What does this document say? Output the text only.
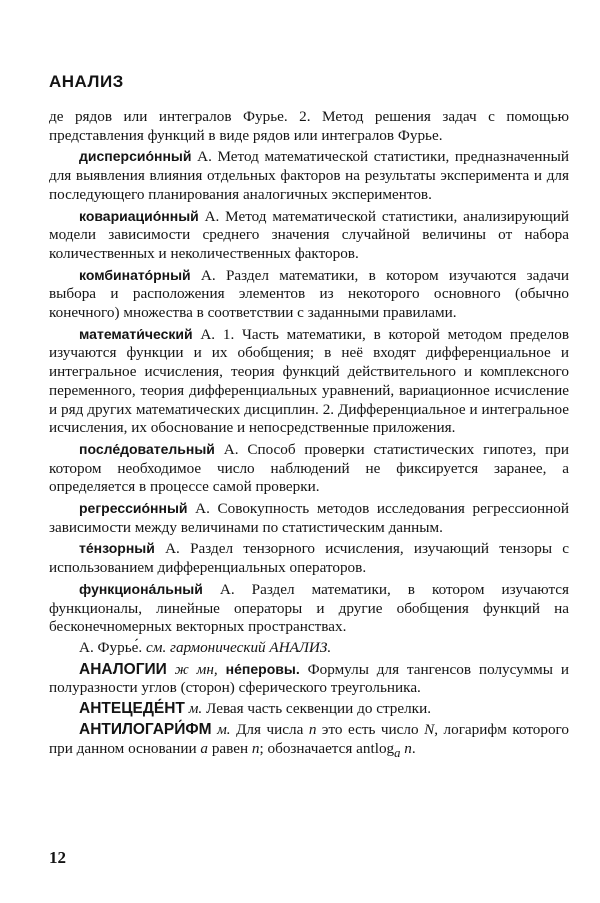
АНАЛИЗ

де рядов или интегралов Фурье. 2. Метод решения задач с помощью представления функций в виде рядов или интегралов Фурье.

дисперсио́нный А. Метод математической статистики, предназначенный для выявления влияния отдельных факторов на результаты эксперимента и для последующего планирования аналогичных экспериментов.

ковариацио́нный А. Метод математической статистики, анализирующий модели зависимости среднего значения случайной величины от набора количественных и неколичественных факторов.

комбинато́рный А. Раздел математики, в котором изучаются задачи выбора и расположения элементов из некоторого основного (обычно конечного) множества в соответствии с заданными правилами.

математи́ческий А. 1. Часть математики, в которой методом пределов изучаются функции и их обобщения; в неё входят дифференциальное и интегральное исчисления, теория функций действительного и комплексного переменного, теория дифференциальных уравнений, вариационное исчисление и ряд других математических дисциплин. 2. Дифференциальное и интегральное исчисления, их обоснование и непосредственные приложения.

после́довательный А. Способ проверки статистических гипотез, при котором необходимое число наблюдений не фиксируется заранее, а определяется в процессе самой проверки.

регрессио́нный А. Совокупность методов исследования регрессионной зависимости между величинами по статистическим данным.

те́нзорный А. Раздел тензорного исчисления, изучающий тензоры с использованием дифференциальных операторов.

функциона́льный А. Раздел математики, в котором изучаются функционалы, линейные операторы и другие обобщения функций на бесконечномерных векторных пространствах.

А. Фурье́. см. гармонический АНАЛИЗ.

АНАЛОГИИ ж мн, не́перовы. Формулы для тангенсов полусуммы и полуразности углов (сторон) сферического треугольника.

АНТЕЦЕДЕ́НТ м. Левая часть секвенции до стрелки.

АНТИЛОГАРИ́ФМ м. Для числа n это есть число N, логарифм которого при данном основании a равен n; обозначается antlog$_a$ n.

12
